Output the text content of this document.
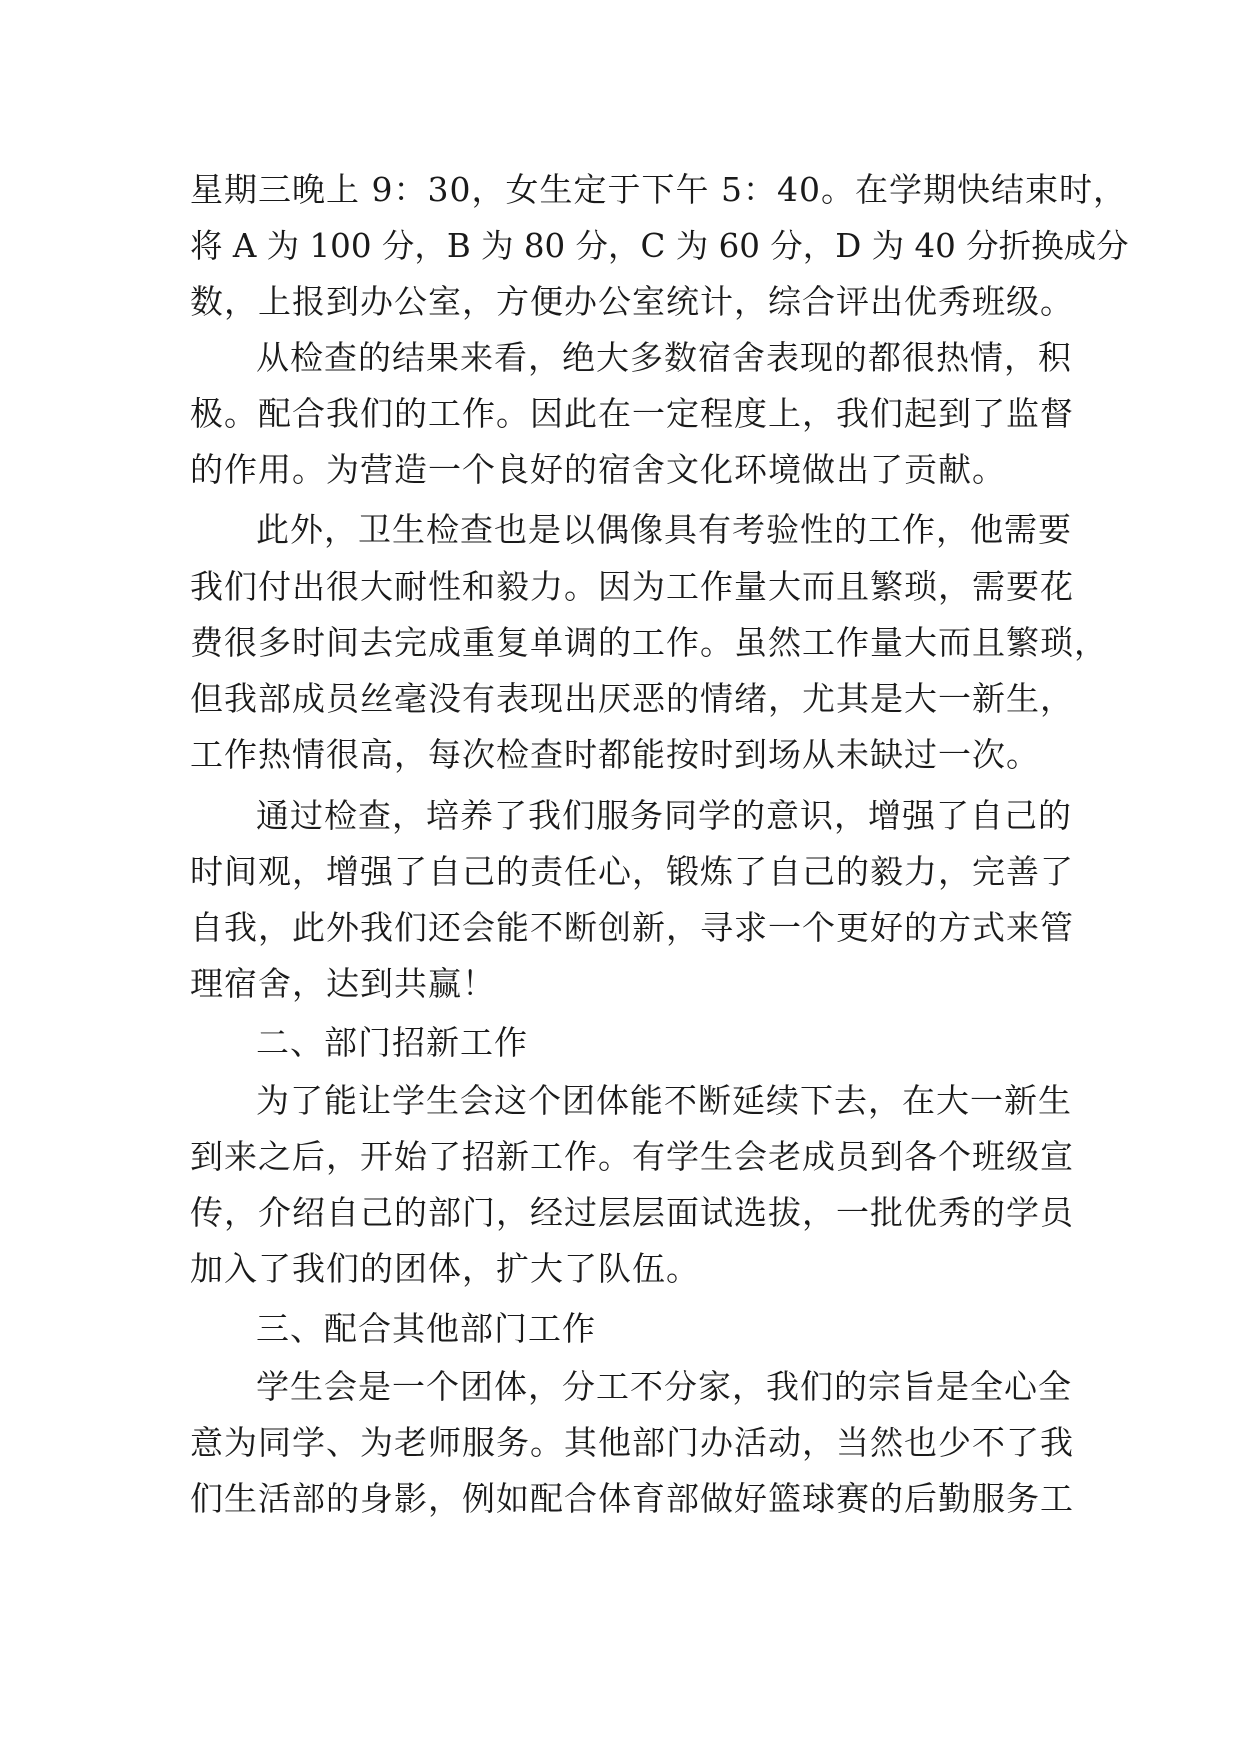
星期三晚上 9：30，女生定于下午 5：40。在学期快结束时，

将 A 为 100 分，B 为 80 分，C 为 60 分，D 为 40 分折换成分

数，上报到办公室，方便办公室统计，综合评出优秀班级。

从检查的结果来看，绝大多数宿舍表现的都很热情，积

极。配合我们的工作。因此在一定程度上，我们起到了监督

的作用。为营造一个良好的宿舍文化环境做出了贡献。

此外，卫生检查也是以偶像具有考验性的工作，他需要

我们付出很大耐性和毅力。因为工作量大而且繁琐，需要花

费很多时间去完成重复单调的工作。虽然工作量大而且繁琐，

但我部成员丝毫没有表现出厌恶的情绪，尤其是大一新生，

工作热情很高，每次检查时都能按时到场从未缺过一次。

通过检查，培养了我们服务同学的意识，增强了自己的

时间观，增强了自己的责任心，锻炼了自己的毅力，完善了

自我，此外我们还会能不断创新，寻求一个更好的方式来管

理宿舍，达到共赢！

二、部门招新工作

为了能让学生会这个团体能不断延续下去，在大一新生

到来之后，开始了招新工作。有学生会老成员到各个班级宣

传，介绍自己的部门，经过层层面试选拔，一批优秀的学员

加入了我们的团体，扩大了队伍。

三、配合其他部门工作

学生会是一个团体，分工不分家，我们的宗旨是全心全

意为同学、为老师服务。其他部门办活动，当然也少不了我

们生活部的身影，例如配合体育部做好篮球赛的后勤服务工
